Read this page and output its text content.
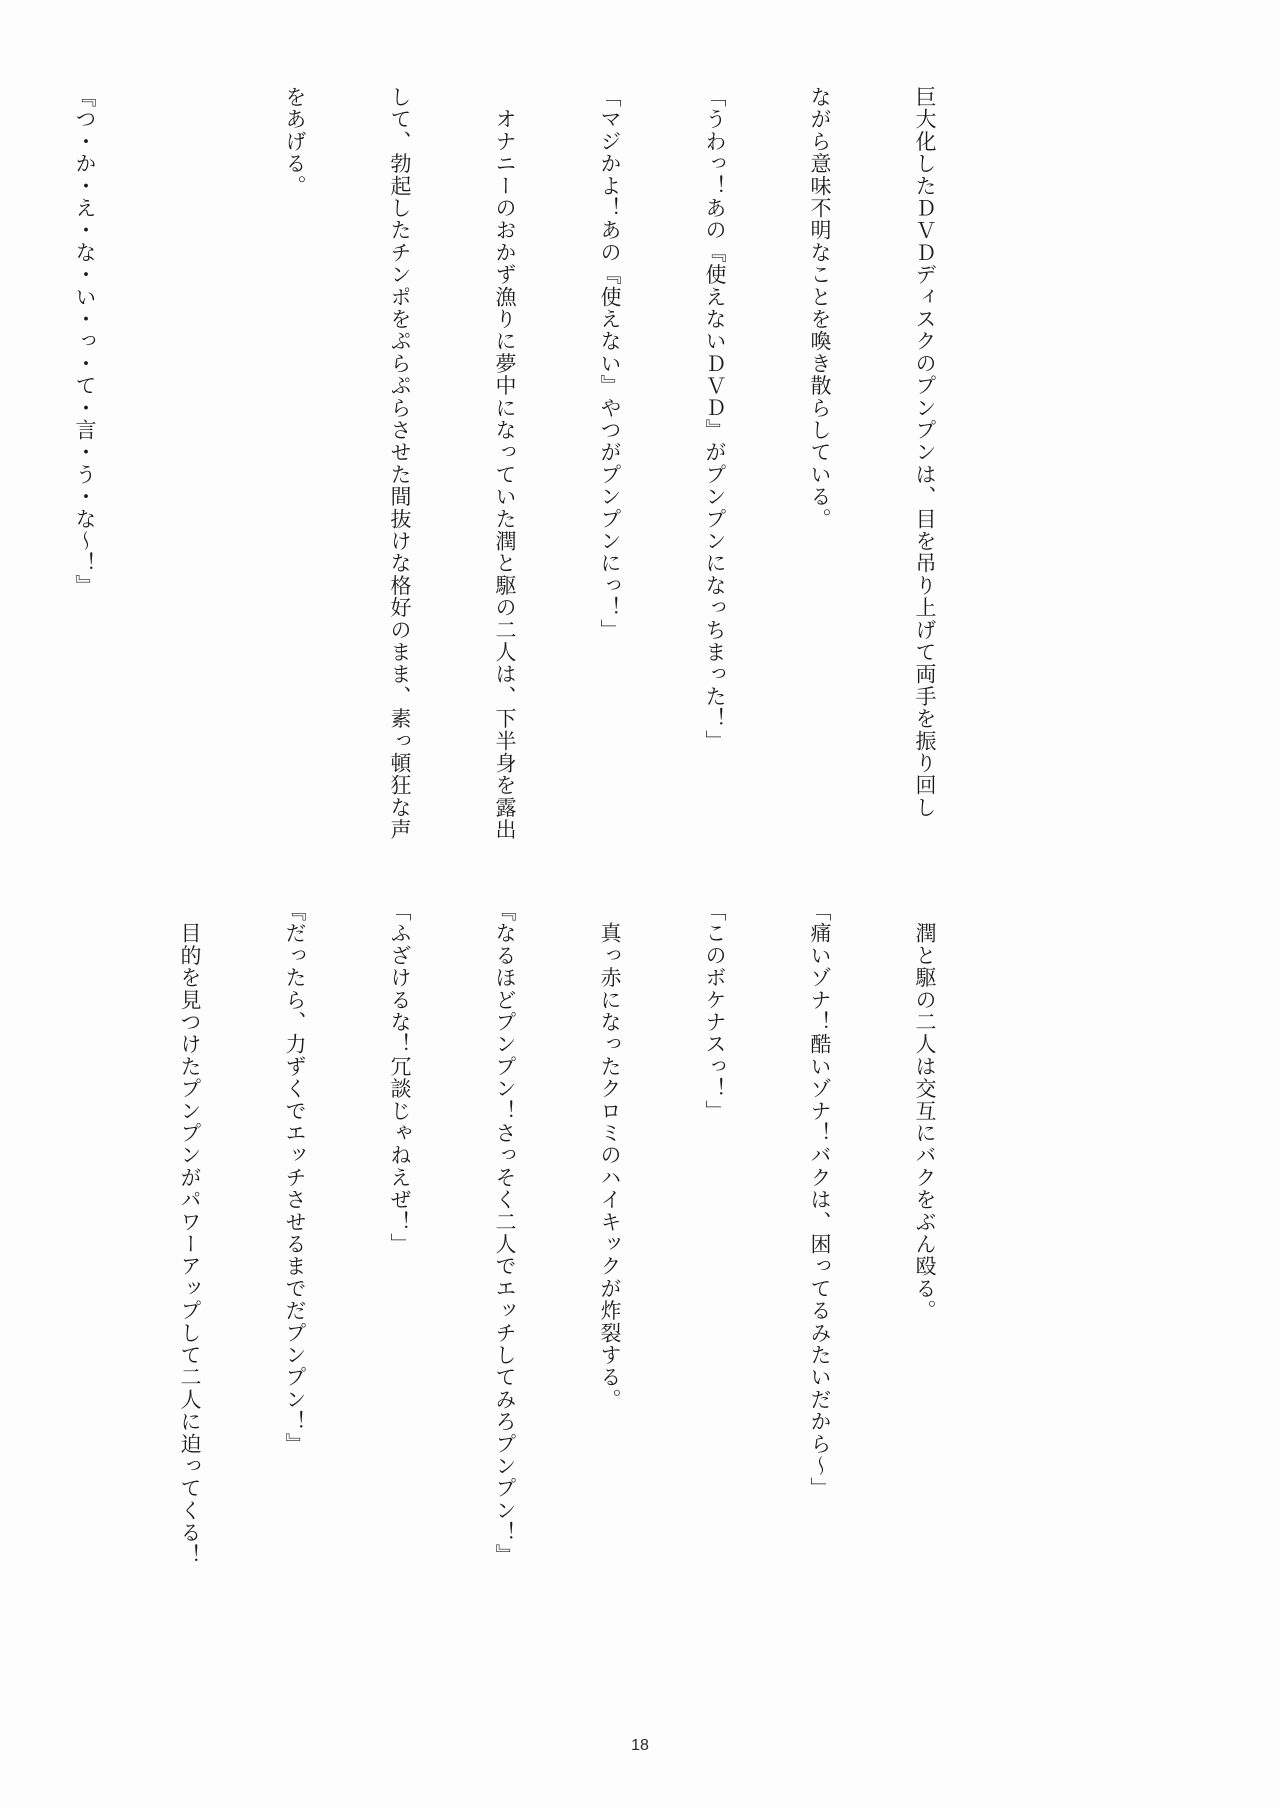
巨大化したＤＶＤディスクのプンプンは、目を吊り上げて両手を振り回し

ながら意味不明なことを喚き散らしている。

「うわっ！あの『使えないＤＶＤ』がプンプンになっちまった！」

「マジかよ！あの『使えない』やつがプンプンにっ！」

　オナニーのおかず漁りに夢中になっていた潤と駆の二人は、下半身を露出

して、勃起したチンポをぷらぷらさせた間抜けな格好のまま、素っ頓狂な声

をあげる。

『つ・か・え・な・い・っ・て・言・う・な～！』

　潤と駆の二人は交互にバクをぶん殴る。

「痛いゾナ！酷いゾナ！バクは、困ってるみたいだから～」

「このボケナスっ！」

　真っ赤になったクロミのハイキックが炸裂する。

『なるほどプンプン！さっそく二人でエッチしてみろプンプン！』

「ふざけるな！冗談じゃねえぜ！」

『だったら、力ずくでエッチさせるまでだプンプン！』

　目的を見つけたプンプンがパワーアップして二人に迫ってくる！

18
